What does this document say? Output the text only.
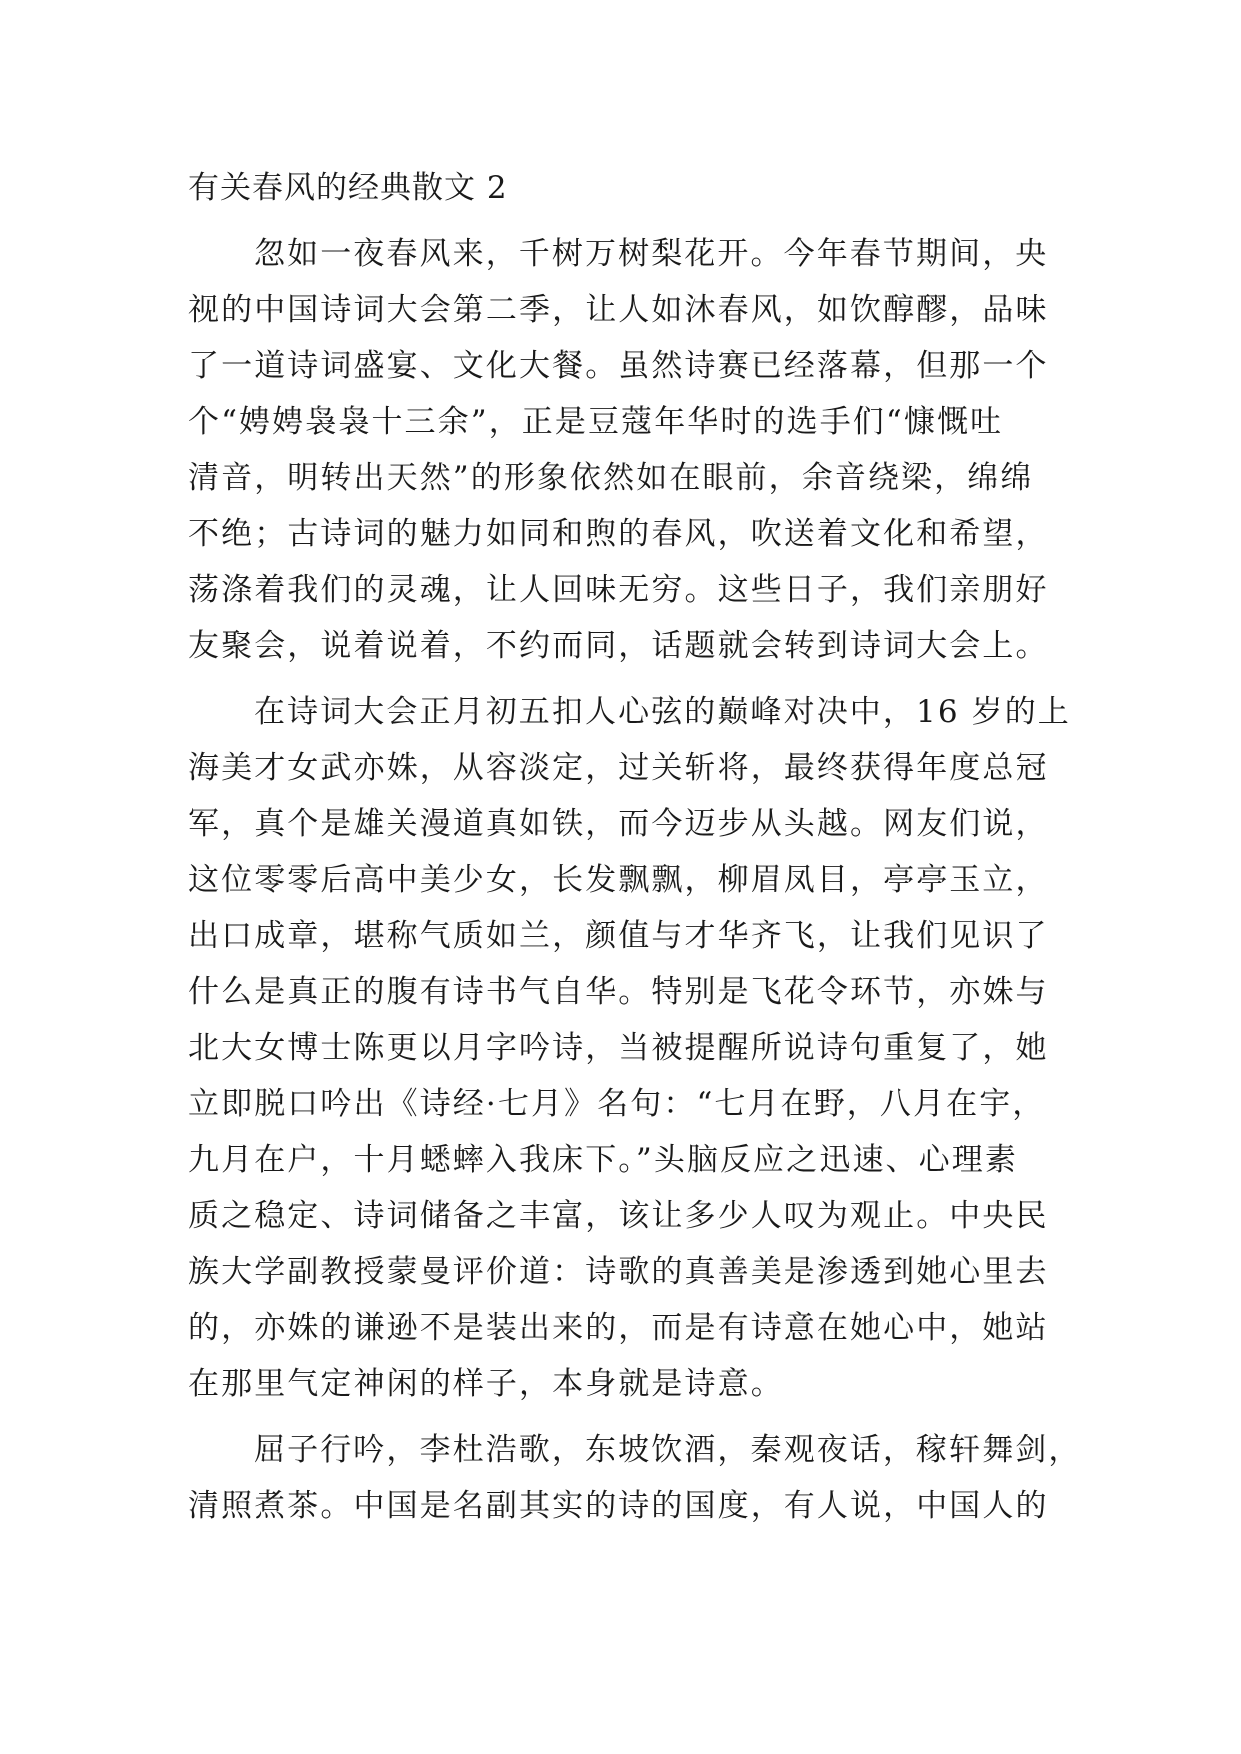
有关春风的经典散文 2

忽如一夜春风来，千树万树梨花开。今年春节期间，央
视的中国诗词大会第二季，让人如沐春风，如饮醇醪，品味
了一道诗词盛宴、文化大餐。虽然诗赛已经落幕，但那一个
个“娉娉袅袅十三余”，正是豆蔻年华时的选手们“慷慨吐
清音，明转出天然”的形象依然如在眼前，余音绕梁，绵绵
不绝；古诗词的魅力如同和煦的春风，吹送着文化和希望，
荡涤着我们的灵魂，让人回味无穷。这些日子，我们亲朋好
友聚会，说着说着，不约而同，话题就会转到诗词大会上。

在诗词大会正月初五扣人心弦的巅峰对决中，16 岁的上
海美才女武亦姝，从容淡定，过关斩将，最终获得年度总冠
军，真个是雄关漫道真如铁，而今迈步从头越。网友们说，
这位零零后高中美少女，长发飘飘，柳眉凤目，亭亭玉立，
出口成章，堪称气质如兰，颜值与才华齐飞，让我们见识了
什么是真正的腹有诗书气自华。特别是飞花令环节，亦姝与
北大女博士陈更以月字吟诗，当被提醒所说诗句重复了，她
立即脱口吟出《诗经·七月》名句：“七月在野，八月在宇，
九月在户，十月蟋蟀入我床下。”头脑反应之迅速、心理素
质之稳定、诗词储备之丰富，该让多少人叹为观止。中央民
族大学副教授蒙曼评价道：诗歌的真善美是渗透到她心里去
的，亦姝的谦逊不是装出来的，而是有诗意在她心中，她站
在那里气定神闲的样子，本身就是诗意。

屈子行吟，李杜浩歌，东坡饮酒，秦观夜话，稼轩舞剑，
清照煮茶。中国是名副其实的诗的国度，有人说，中国人的
